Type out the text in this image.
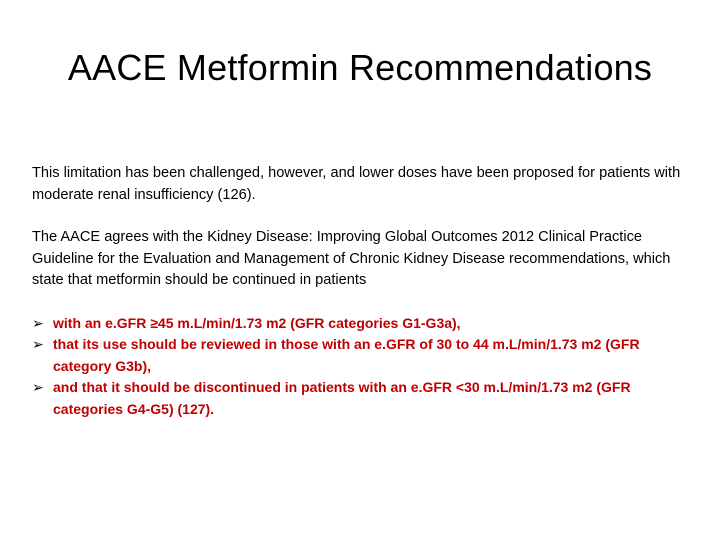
AACE Metformin Recommendations

This limitation has been challenged, however, and lower doses have been proposed for patients with moderate renal insufficiency (126).

The AACE agrees with the Kidney Disease: Improving Global Outcomes 2012 Clinical Practice Guideline for the Evaluation and Management of Chronic Kidney Disease recommendations, which state that metformin should be continued in patients

➢ with an e.GFR ≥45 m.L/min/1.73 m2 (GFR categories G1-G3a),
➢ that its use should be reviewed in those with an e.GFR of 30 to 44 m.L/min/1.73 m2 (GFR category G3b),
➢ and that it should be discontinued in patients with an e.GFR <30 m.L/min/1.73 m2 (GFR categories G4-G5) (127).
